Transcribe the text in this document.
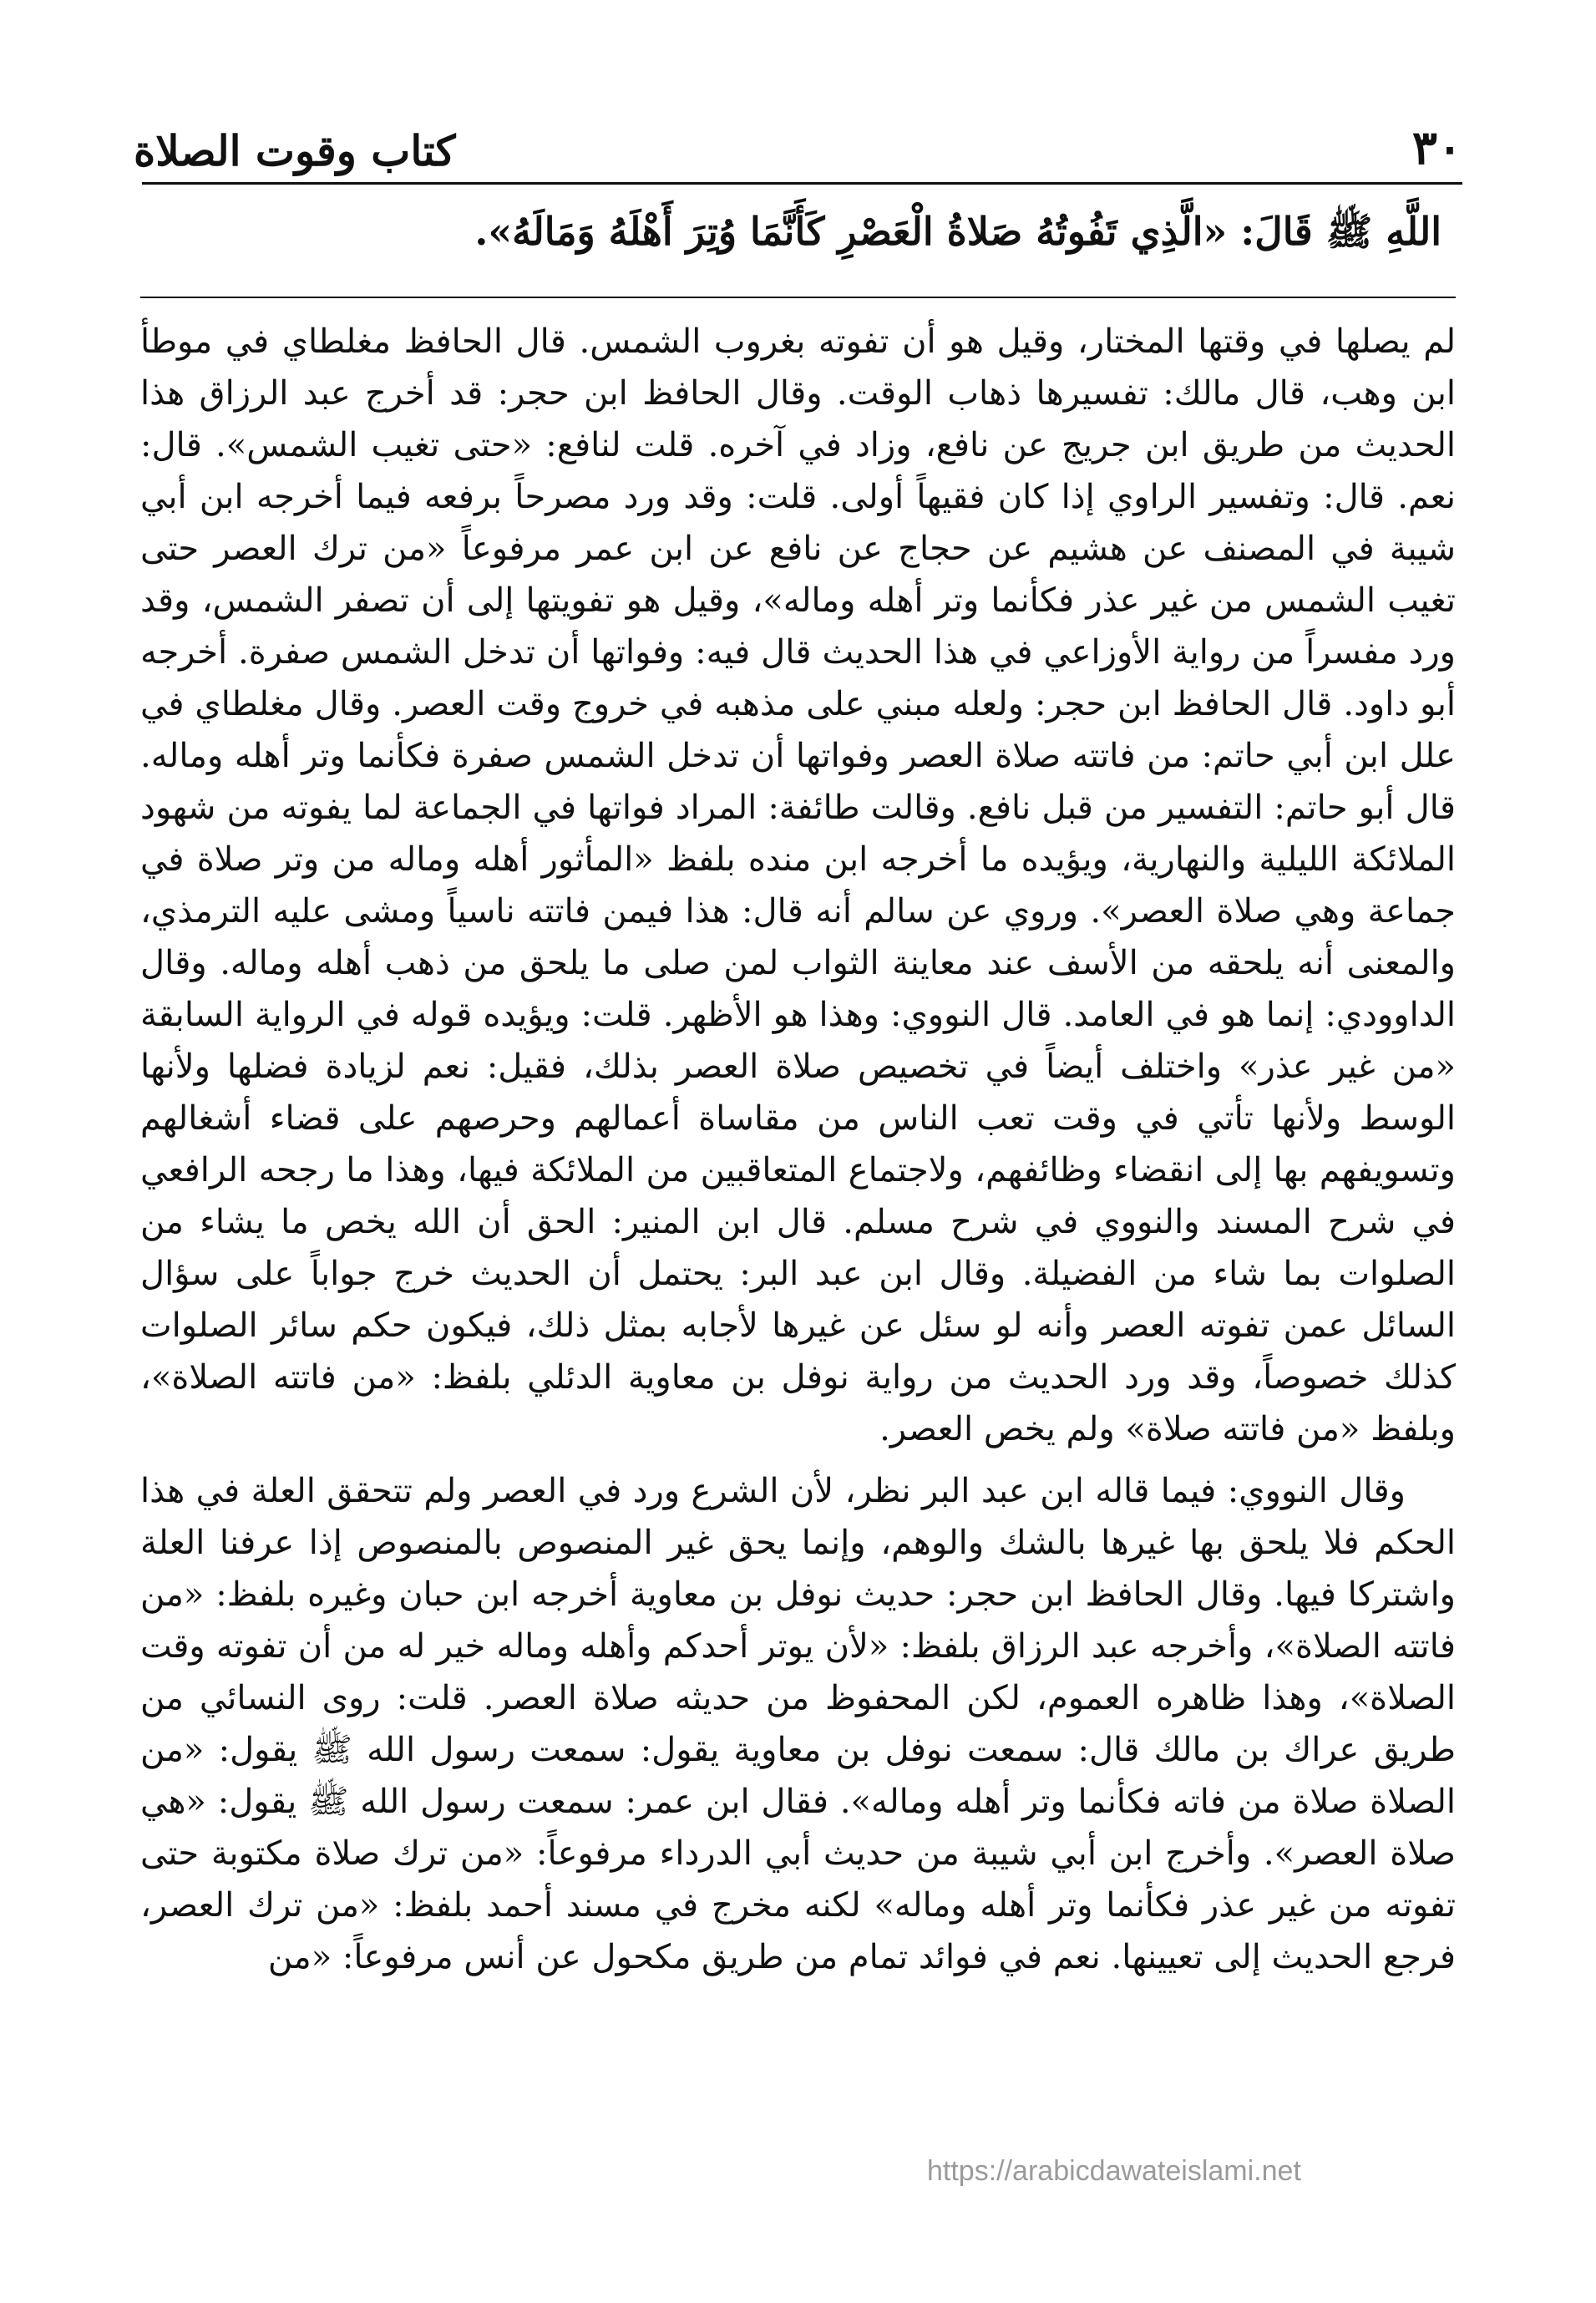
٣٠
كتاب وقوت الصلاة
اللَّهِ ﷺ قَالَ: «الَّذِي تَفُوتُهُ صَلاةُ الْعَصْرِ كَأَنَّمَا وُتِرَ أَهْلَهُ وَمَالَهُ».

لم يصلها في وقتها المختار، وقيل هو أن تفوته بغروب الشمس. قال الحافظ مغلطاي في موطأ ابن وهب، قال مالك: تفسيرها ذهاب الوقت. وقال الحافظ ابن حجر: قد أخرج عبد الرزاق هذا الحديث من طريق ابن جريج عن نافع، وزاد في آخره. قلت لنافع: «حتى تغيب الشمس». قال: نعم. قال: وتفسير الراوي إذا كان فقيهاً أولى. قلت: وقد ورد مصرحاً برفعه فيما أخرجه ابن أبي شيبة في المصنف عن هشيم عن حجاج عن نافع عن ابن عمر مرفوعاً «من ترك العصر حتى تغيب الشمس من غير عذر فكأنما وتر أهله وماله»، وقيل هو تفويتها إلى أن تصفر الشمس، وقد ورد مفسراً من رواية الأوزاعي في هذا الحديث قال فيه: وفواتها أن تدخل الشمس صفرة. أخرجه أبو داود. قال الحافظ ابن حجر: ولعله مبني على مذهبه في خروج وقت العصر. وقال مغلطاي في علل ابن أبي حاتم: من فاتته صلاة العصر وفواتها أن تدخل الشمس صفرة فكأنما وتر أهله وماله. قال أبو حاتم: التفسير من قبل نافع. وقالت طائفة: المراد فواتها في الجماعة لما يفوته من شهود الملائكة الليلية والنهارية، ويؤيده ما أخرجه ابن منده بلفظ «المأثور أهله وماله من وتر صلاة في جماعة وهي صلاة العصر». وروي عن سالم أنه قال: هذا فيمن فاتته ناسياً ومشى عليه الترمذي، والمعنى أنه يلحقه من الأسف عند معاينة الثواب لمن صلى ما يلحق من ذهب أهله وماله. وقال الداوودي: إنما هو في العامد. قال النووي: وهذا هو الأظهر. قلت: ويؤيده قوله في الرواية السابقة «من غير عذر» واختلف أيضاً في تخصيص صلاة العصر بذلك، فقيل: نعم لزيادة فضلها ولأنها الوسط ولأنها تأتي في وقت تعب الناس من مقاساة أعمالهم وحرصهم على قضاء أشغالهم وتسويفهم بها إلى انقضاء وظائفهم، ولاجتماع المتعاقبين من الملائكة فيها، وهذا ما رجحه الرافعي في شرح المسند والنووي في شرح مسلم. قال ابن المنير: الحق أن الله يخص ما يشاء من الصلوات بما شاء من الفضيلة. وقال ابن عبد البر: يحتمل أن الحديث خرج جواباً على سؤال السائل عمن تفوته العصر وأنه لو سئل عن غيرها لأجابه بمثل ذلك، فيكون حكم سائر الصلوات كذلك خصوصاً، وقد ورد الحديث من رواية نوفل بن معاوية الدئلي بلفظ: «من فاتته الصلاة»، وبلفظ «من فاتته صلاة» ولم يخص العصر.

وقال النووي: فيما قاله ابن عبد البر نظر، لأن الشرع ورد في العصر ولم تتحقق العلة في هذا الحكم فلا يلحق بها غيرها بالشك والوهم، وإنما يحق غير المنصوص بالمنصوص إذا عرفنا العلة واشتركا فيها. وقال الحافظ ابن حجر: حديث نوفل بن معاوية أخرجه ابن حبان وغيره بلفظ: «من فاتته الصلاة»، وأخرجه عبد الرزاق بلفظ: «لأن يوتر أحدكم وأهله وماله خير له من أن تفوته وقت الصلاة»، وهذا ظاهره العموم، لكن المحفوظ من حديثه صلاة العصر. قلت: روى النسائي من طريق عراك بن مالك قال: سمعت نوفل بن معاوية يقول: سمعت رسول الله ﷺ يقول: «من الصلاة صلاة من فاته فكأنما وتر أهله وماله». فقال ابن عمر: سمعت رسول الله ﷺ يقول: «هي صلاة العصر». وأخرج ابن أبي شيبة من حديث أبي الدرداء مرفوعاً: «من ترك صلاة مكتوبة حتى تفوته من غير عذر فكأنما وتر أهله وماله» لكنه مخرج في مسند أحمد بلفظ: «من ترك العصر، فرجع الحديث إلى تعيينها. نعم في فوائد تمام من طريق مكحول عن أنس مرفوعاً: «من

https://arabicdawateislami.net
